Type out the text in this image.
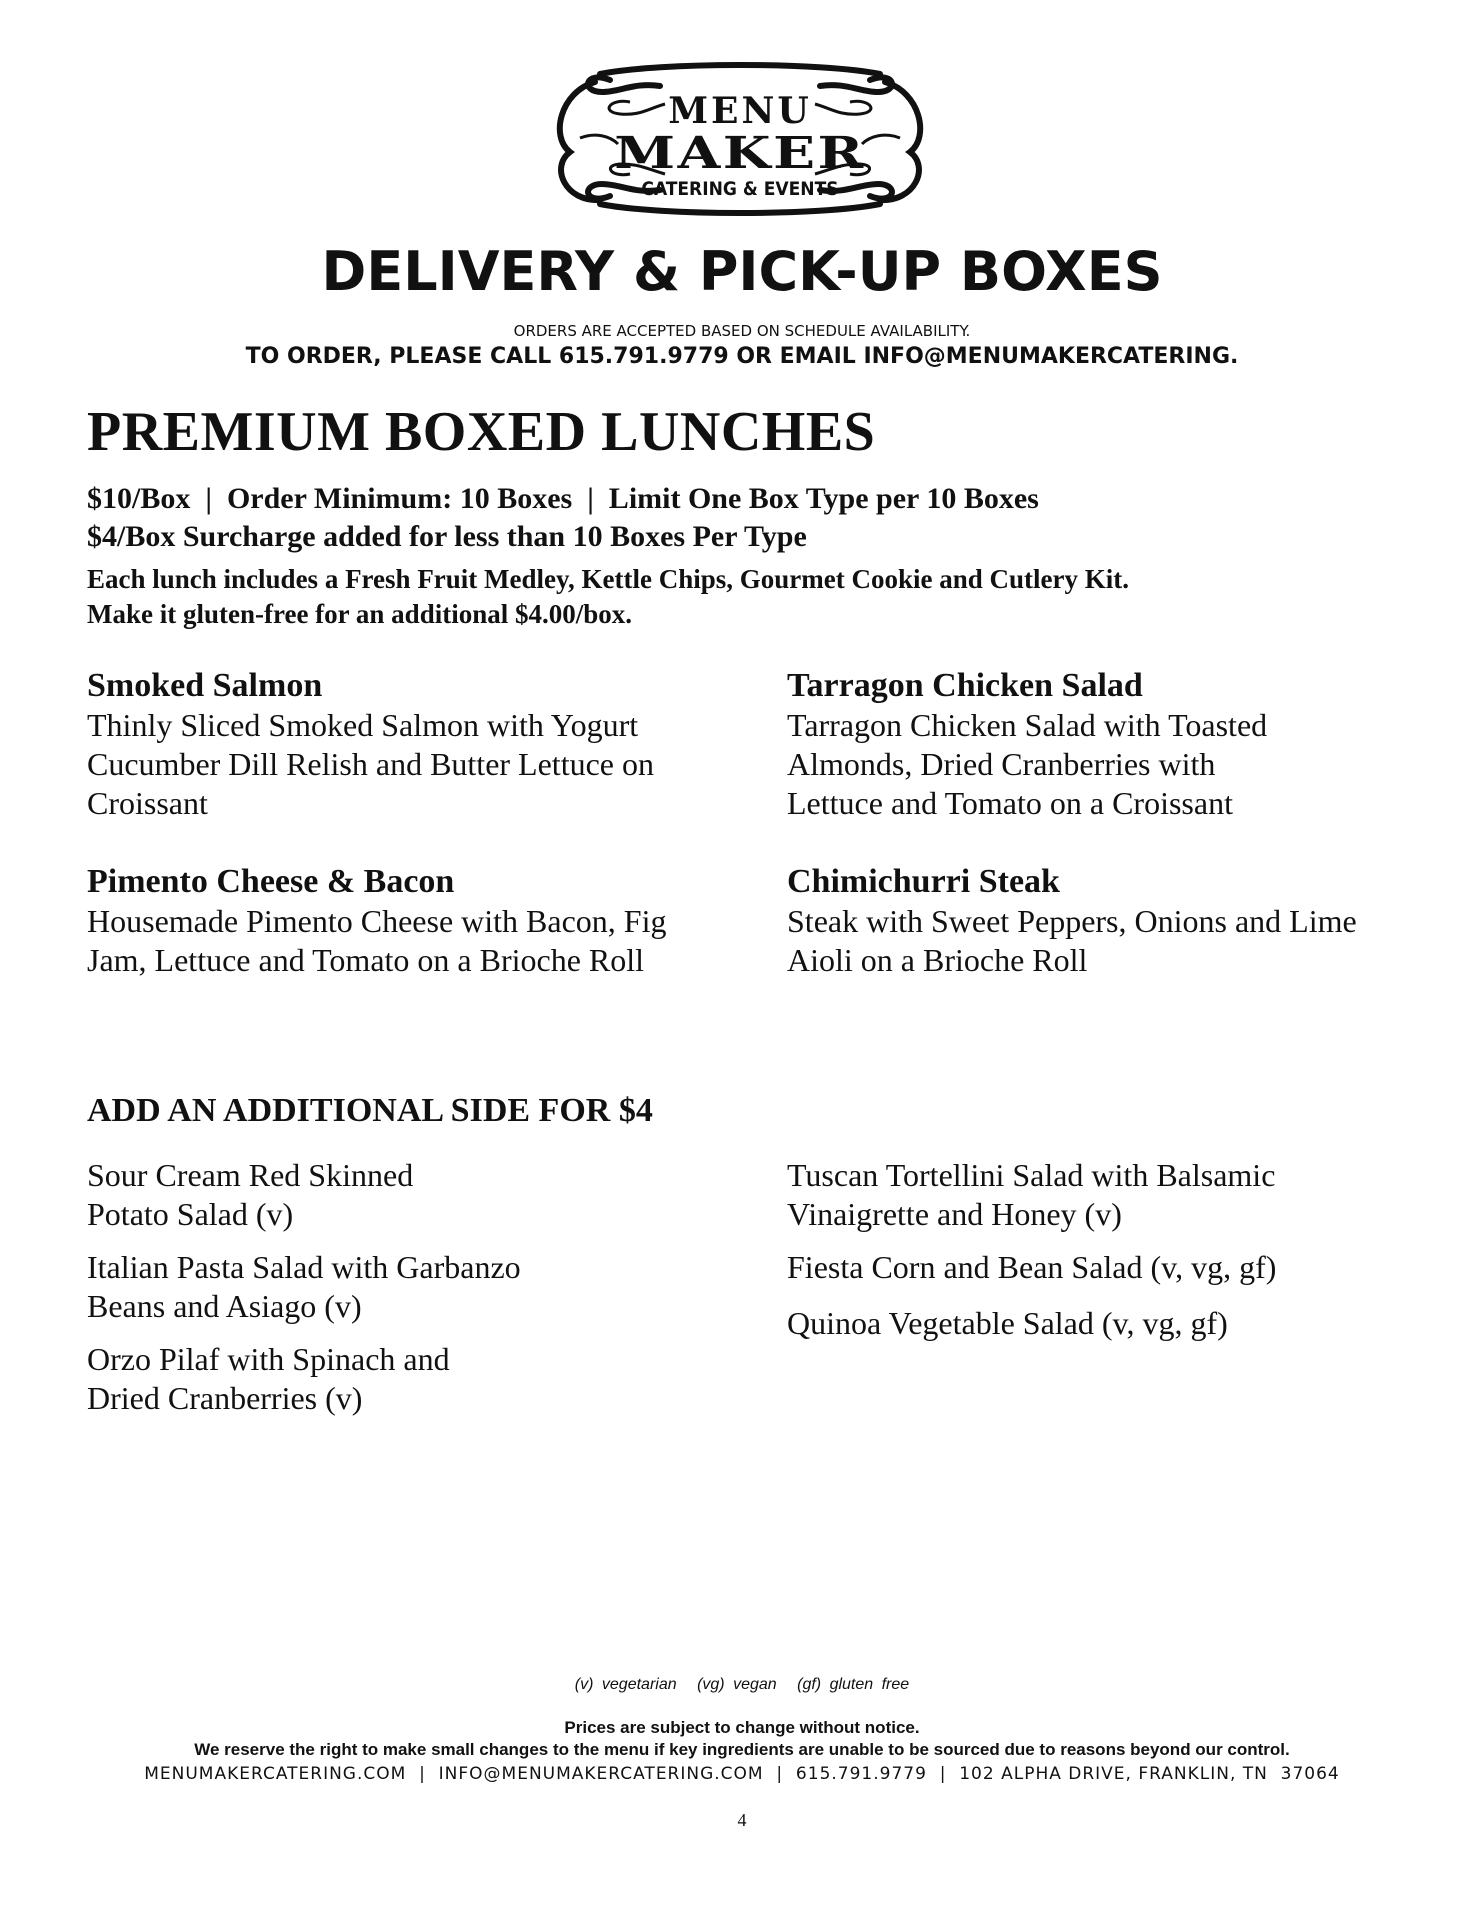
MENU
MAKER
CATERING & EVENTS
DELIVERY & PICK-UP BOXES
ORDERS ARE ACCEPTED BASED ON SCHEDULE AVAILABILITY.
TO ORDER, PLEASE CALL 615.791.9779 OR EMAIL INFO@MENUMAKERCATERING.
PREMIUM BOXED LUNCHES
$10/Box  |  Order Minimum: 10 Boxes  |  Limit One Box Type per 10 Boxes
$4/Box Surcharge added for less than 10 Boxes Per Type
Each lunch includes a Fresh Fruit Medley, Kettle Chips, Gourmet Cookie and Cutlery Kit.
Make it gluten-free for an additional $4.00/box.
Smoked Salmon
Thinly Sliced Smoked Salmon with Yogurt Cucumber Dill Relish and Butter Lettuce on Croissant
Tarragon Chicken Salad
Tarragon Chicken Salad with Toasted Almonds, Dried Cranberries with Lettuce and Tomato on a Croissant
Pimento Cheese & Bacon
Housemade Pimento Cheese with Bacon, Fig Jam, Lettuce and Tomato on a Brioche Roll
Chimichurri Steak
Steak with Sweet Peppers, Onions and Lime Aioli on a Brioche Roll
ADD AN ADDITIONAL SIDE FOR $4
Sour Cream Red Skinned Potato Salad (v)
Italian Pasta Salad with Garbanzo Beans and Asiago (v)
Orzo Pilaf with Spinach and Dried Cranberries (v)
Tuscan Tortellini Salad with Balsamic Vinaigrette and Honey (v)
Fiesta Corn and Bean Salad (v, vg, gf)
Quinoa Vegetable Salad (v, vg, gf)
(v) vegetarian (vg) vegan (gf) gluten free
Prices are subject to change without notice.
We reserve the right to make small changes to the menu if key ingredients are unable to be sourced due to reasons beyond our control.
MENUMAKERCATERING.COM  |  INFO@MENUMAKERCATERING.COM  |  615.791.9779  |  102 ALPHA DRIVE, FRANKLIN, TN  37064
4
